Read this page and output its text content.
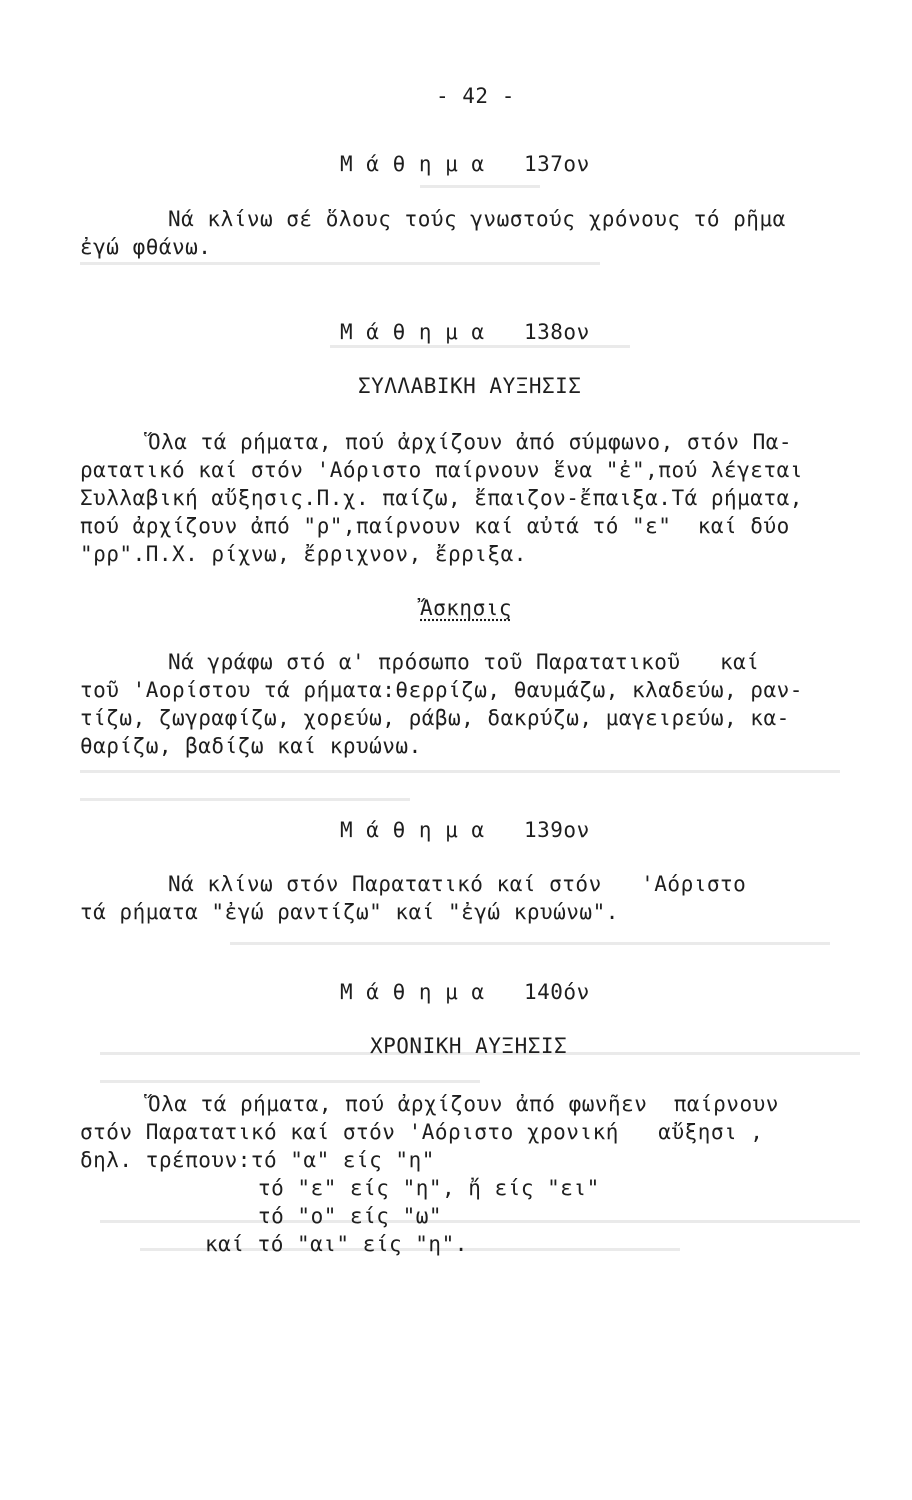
- 42 -
Μ ά θ η μ α   137ον
Νά κλίνω σέ ὅλους τούς γνωστούς χρόνους τό ρῆμα
ἐγώ φθάνω.
Μ ά θ η μ α   138ον
ΣΥΛΛΑΒΙΚΗ ΑΥΞΗΣΙΣ
Ὅλα τά ρήματα, πού ἀρχίζουν ἀπό σύμφωνο, στόν Πα-
ρατατικό καί στόν 'Αόριστο παίρνουν ἕνα "ἐ",πού λέγεται
Συλλαβική αὔξησις.Π.χ. παίζω, ἔπαιζον-ἔπαιξα.Τά ρήματα,
πού ἀρχίζουν ἀπό "ρ",παίρνουν καί αὐτά τό "ε"  καί δύο
"ρρ".Π.Χ. ρίχνω, ἔρριχνον, ἔρριξα.
Ἄσκησις
Νά γράφω στό α' πρόσωπο τοῦ Παρατατικοῦ   καί
τοῦ 'Αορίστου τά ρήματα:θερρίζω, θαυμάζω, κλαδεύω, ραν-
τίζω, ζωγραφίζω, χορεύω, ράβω, δακρύζω, μαγειρεύω, κα-
θαρίζω, βαδίζω καί κρυώνω.
Μ ά θ η μ α   139ον
Νά κλίνω στόν Παρατατικό καί στόν   'Αόριστο
τά ρήματα "ἐγώ ραντίζω" καί "ἐγώ κρυώνω".
Μ ά θ η μ α   140όν
ΧΡΟΝΙΚΗ ΑΥΞΗΣΙΣ
Ὅλα τά ρήματα, πού ἀρχίζουν ἀπό φωνῆεν  παίρνουν
στόν Παρατατικό καί στόν 'Αόριστο χρονική   αὔξησι ,
δηλ. τρέπουν:τό "α" είς "η"
τό "ε" είς "η", ἤ είς "ει"
τό "ο" είς "ω"
καί τό "αι" είς "η".
